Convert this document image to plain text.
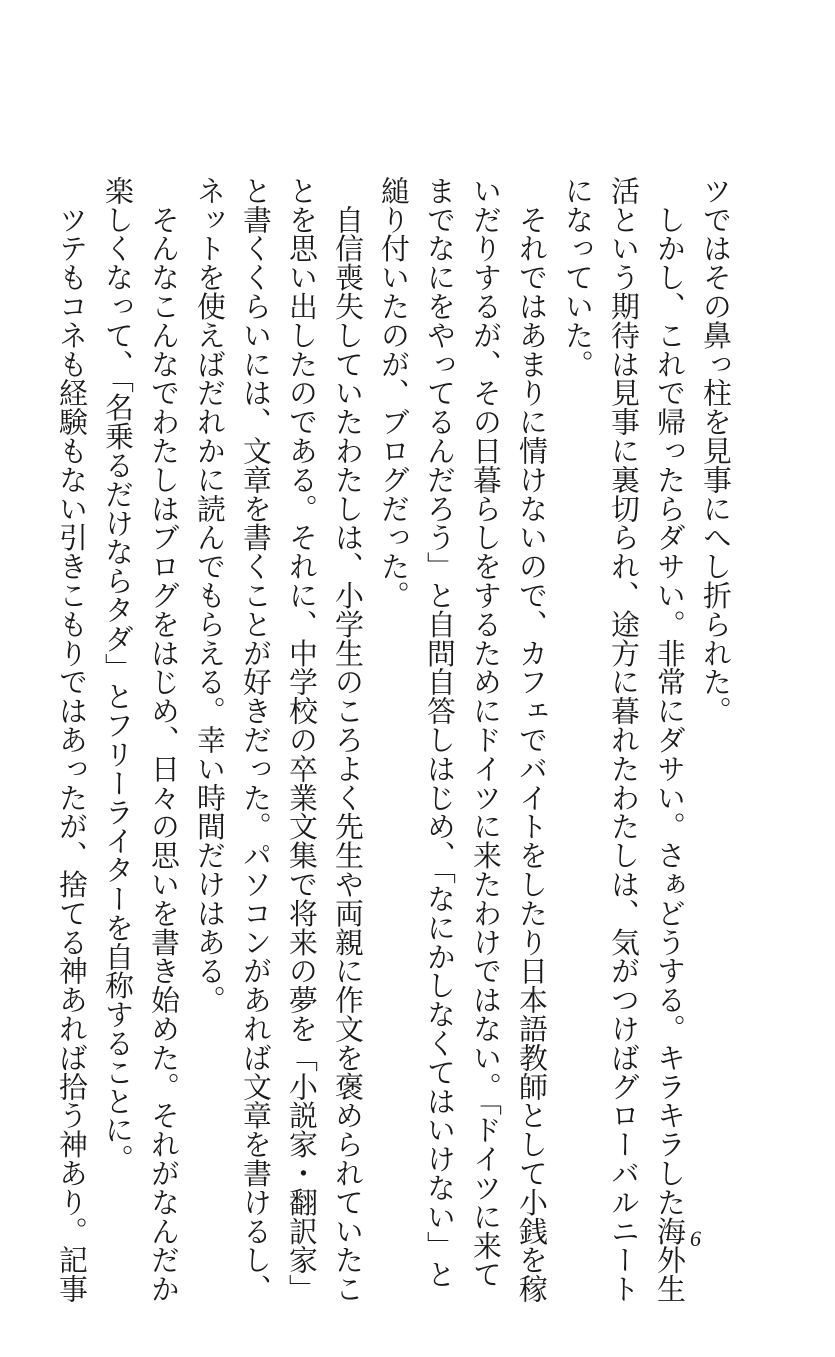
ツではその鼻っ柱を見事にへし折られた。
　しかし、これで帰ったらダサい。非常にダサい。さぁどうする。キラキラした海外生
活という期待は見事に裏切られ、途方に暮れたわたしは、気がつけばグローバルニート
になっていた。
　それではあまりに情けないので、カフェでバイトをしたり日本語教師として小銭を稼
いだりするが、その日暮らしをするためにドイツに来たわけではない。「ドイツに来て
までなにをやってるんだろう」と自問自答しはじめ、「なにかしなくてはいけない」と
縋り付いたのが、ブログだった。
　自信喪失していたわたしは、小学生のころよく先生や両親に作文を褒められていたこ
とを思い出したのである。それに、中学校の卒業文集で将来の夢を「小説家・翻訳家」
と書くくらいには、文章を書くことが好きだった。パソコンがあれば文章を書けるし、
ネットを使えばだれかに読んでもらえる。幸い時間だけはある。
　そんなこんなでわたしはブログをはじめ、日々の思いを書き始めた。それがなんだか
楽しくなって、「名乗るだけならタダ」とフリーライターを自称することに。
　ツテもコネも経験もない引きこもりではあったが、捨てる神あれば拾う神あり。記事	6
